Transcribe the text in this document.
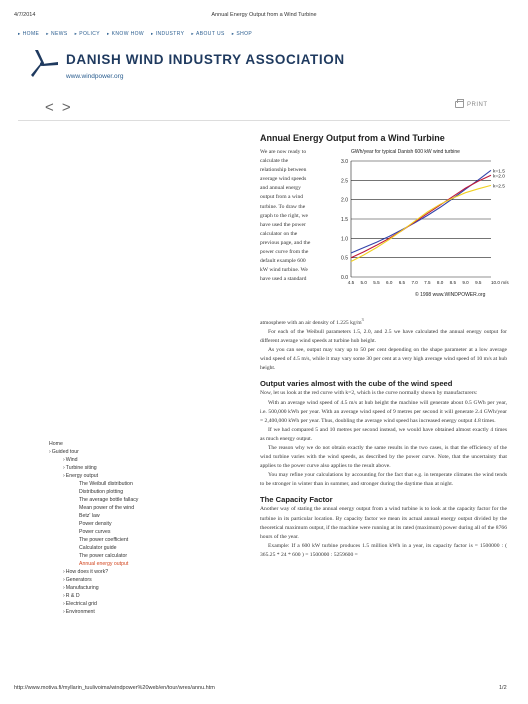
4/7/2014	Annual Energy Output from a Wind Turbine
▸ HOME	▸ NEWS	▸ POLICY	▸ KNOW HOW	▸ INDUSTRY	▸ ABOUT US	▸ SHOP
DANISH WIND INDUSTRY ASSOCIATION
www.windpower.org
< >	PRINT
Home
› Guided tour
› Wind
› Turbine siting
› Energy output
The Weibull distribution
Distribution plotting
The average bottle fallacy
Mean power of the wind
Betz' law
Power density
Power curves
The power coefficient
Calculator guide
The power calculator
Annual energy output
› How does it work?
› Generators
› Manufacturing
› R & D
› Electrical grid
› Environment
Annual Energy Output from a Wind Turbine
We are now ready to
calculate the
relationship between
average wind speeds
and annual energy
output from a wind
turbine. To draw the
graph to the right, we
have used the power
calculator on the
previous page, and the
power curve from the
default example 600
kW wind turbine. We
have used a standard
GWh/year for typical Danish 600 kW wind turbine
0.0
0.5
1.0
1.5
2.0
2.5
3.0
4.5 5.0 5.5 6.0 6.5 7.0 7.5 8.0 8.5 9.0 9.5 10.0 m/s
k=1.5
k=2.0
k=2.5
© 1998 www.WINDPOWER.org
atmosphere with an air density of 1.225 $kg/m^3$
For each of the Weibull parameters 1.5, 2.0, and 2.5 we have calculated the annual energy output for different average wind speeds at turbine hub height.
As you can see, output may vary up to 50 per cent depending on the shape parameter at a low average wind speed of 4.5 m/s, while it may vary some 30 per cent at a very high average wind speed of 10 m/s at hub height.
Output varies almost with the cube of the wind speed
Now, let us look at the red curve with k=2, which is the curve normally shown by manufacturers:
With an average wind speed of 4.5 m/s at hub height the machine will generate about 0.5 GWh per year, i.e. 500,000 kWh per year. With an average wind speed of 9 metres per second it will generate 2.4 GWh/year = 2,400,000 kWh per year. Thus, doubling the average wind speed has increased energy output 4.8 times.
If we had compared 5 and 10 metres per second instead, we would have obtained almost exactly 4 times as much energy output.
The reason why we do not obtain exactly the same results in the two cases, is that the efficiency of the wind turbine varies with the wind speeds, as described by the power curve. Note, that the uncertainty that applies to the power curve also applies to the result above.
You may refine your calculations by accounting for the fact that e.g. in temperate climates the wind tends to be stronger in winter than in summer, and stronger during the daytime than at night.
The Capacity Factor
Another way of stating the annual energy output from a wind turbine is to look at the capacity factor for the turbine in its particular location. By capacity factor we mean its actual annual energy output divided by the theoretical maximum output, if the machine were running at its rated (maximum) power during all of the 8766 hours of the year.
Example: If a 600 kW turbine produces 1.5 million kWh in a year, its capacity factor is = 1500000 : ( 365.25 * 24 * 600 ) = 1500000 : 5259600 =
http://www.motiva.fi/myllarin_tuulivoima/windpower%20web/en/tour/wres/annu.htm	1/2
